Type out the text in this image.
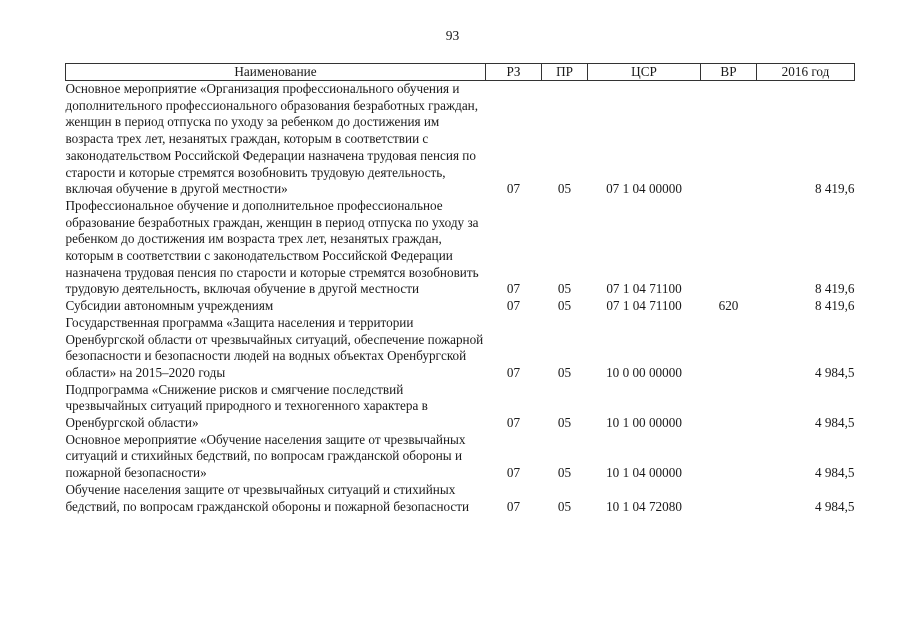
93
Наименование	РЗ	ПР	ЦСР	ВР	2016 год
Основное мероприятие «Организация профессионального обучения и дополнительного профессионального образования безработных граждан, женщин в период отпуска по уходу за ребенком до достижения им возраста трех лет, незанятых граждан, которым в соответствии с законодательством Российской Федерации назначена трудовая пенсия по старости и которые стремятся возобновить трудовую деятельность, включая обучение в другой местности»	07	05	07 1 04 00000		8 419,6
Профессиональное обучение и дополнительное профессиональное образование безработных граждан, женщин в период отпуска по уходу за ребенком до достижения им возраста трех лет, незанятых граждан, которым в соответствии с законодательством Российской Федерации назначена трудовая пенсия по старости и которые стремятся возобновить трудовую деятельность, включая обучение в другой местности	07	05	07 1 04 71100		8 419,6
Субсидии автономным учреждениям	07	05	07 1 04 71100	620	8 419,6
Государственная программа «Защита населения и территории Оренбургской области от чрезвычайных ситуаций, обеспечение пожарной безопасности и безопасности людей на водных объектах Оренбургской области» на 2015–2020 годы	07	05	10 0 00 00000		4 984,5
Подпрограмма «Снижение рисков и смягчение последствий чрезвычайных ситуаций природного и техногенного характера в Оренбургской области»	07	05	10 1 00 00000		4 984,5
Основное мероприятие «Обучение населения защите от чрезвычайных ситуаций и стихийных бедствий, по вопросам гражданской обороны и пожарной безопасности»	07	05	10 1 04 00000		4 984,5
Обучение населения защите от чрезвычайных ситуаций и стихийных бедствий, по вопросам гражданской обороны и пожарной безопасности	07	05	10 1 04 72080		4 984,5
